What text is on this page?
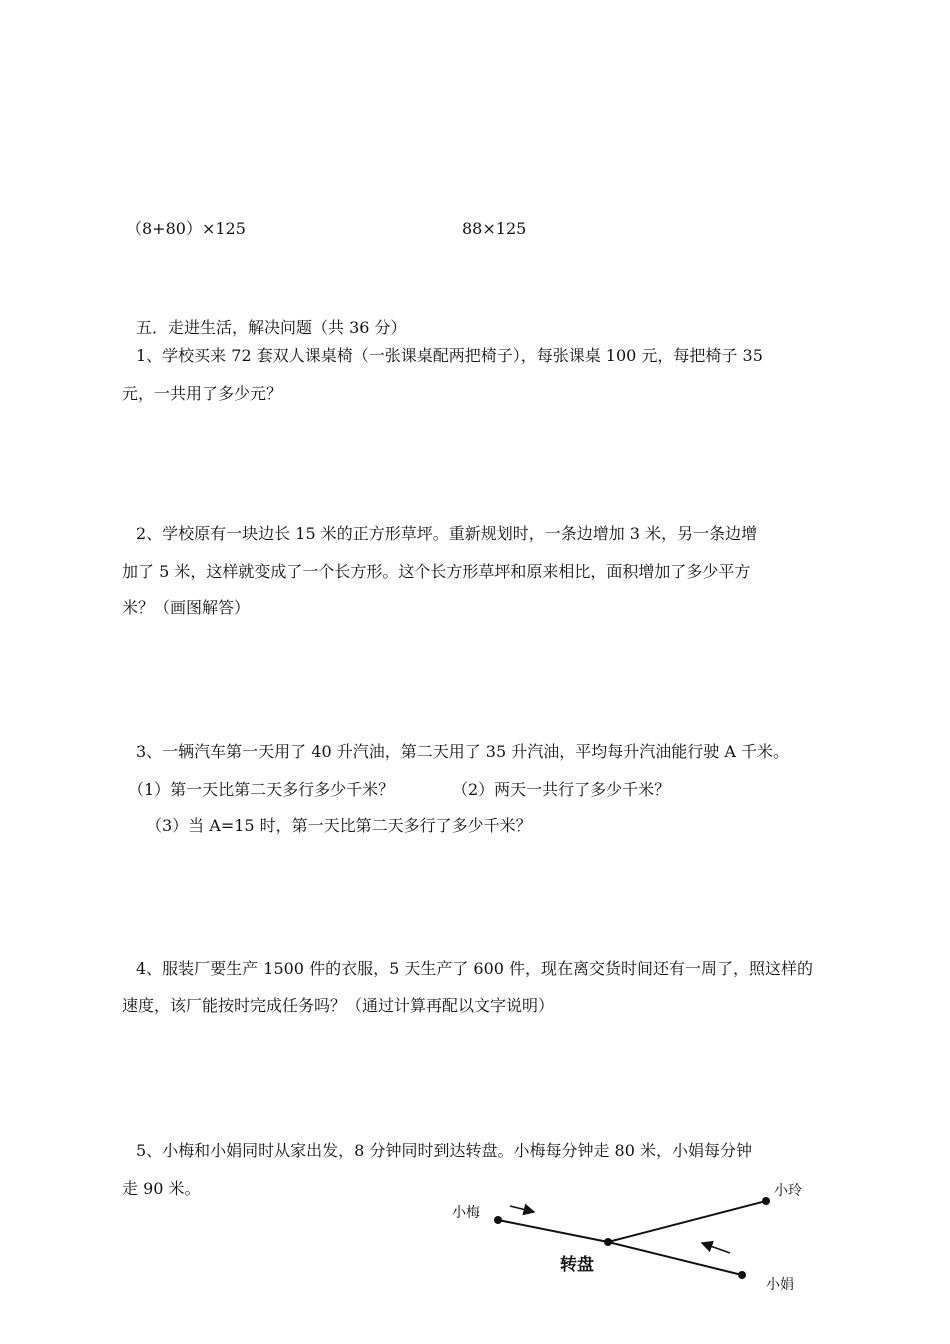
（8+80）×125	88×125
五．走进生活，解决问题（共 36 分）
1、学校买来 72 套双人课桌椅（一张课桌配两把椅子），每张课桌 100 元，每把椅子 35
元，一共用了多少元？
2、学校原有一块边长 15 米的正方形草坪。重新规划时，一条边增加 3 米，另一条边增
加了 5 米，这样就变成了一个长方形。这个长方形草坪和原来相比，面积增加了多少平方
米？（画图解答）
3、一辆汽车第一天用了 40 升汽油，第二天用了 35 升汽油，平均每升汽油能行驶 A 千米。
（1）第一天比第二天多行多少千米？	（2）两天一共行了多少千米？
（3）当 A=15 时，第一天比第二天多行了多少千米？
4、服装厂要生产 1500 件的衣服，5 天生产了 600 件，现在离交货时间还有一周了，照这样的
速度，该厂能按时完成任务吗？（通过计算再配以文字说明）
5、小梅和小娟同时从家出发，8 分钟同时到达转盘。小梅每分钟走 80 米，小娟每分钟
走 90 米。
小梅
小玲
小娟
转盘
